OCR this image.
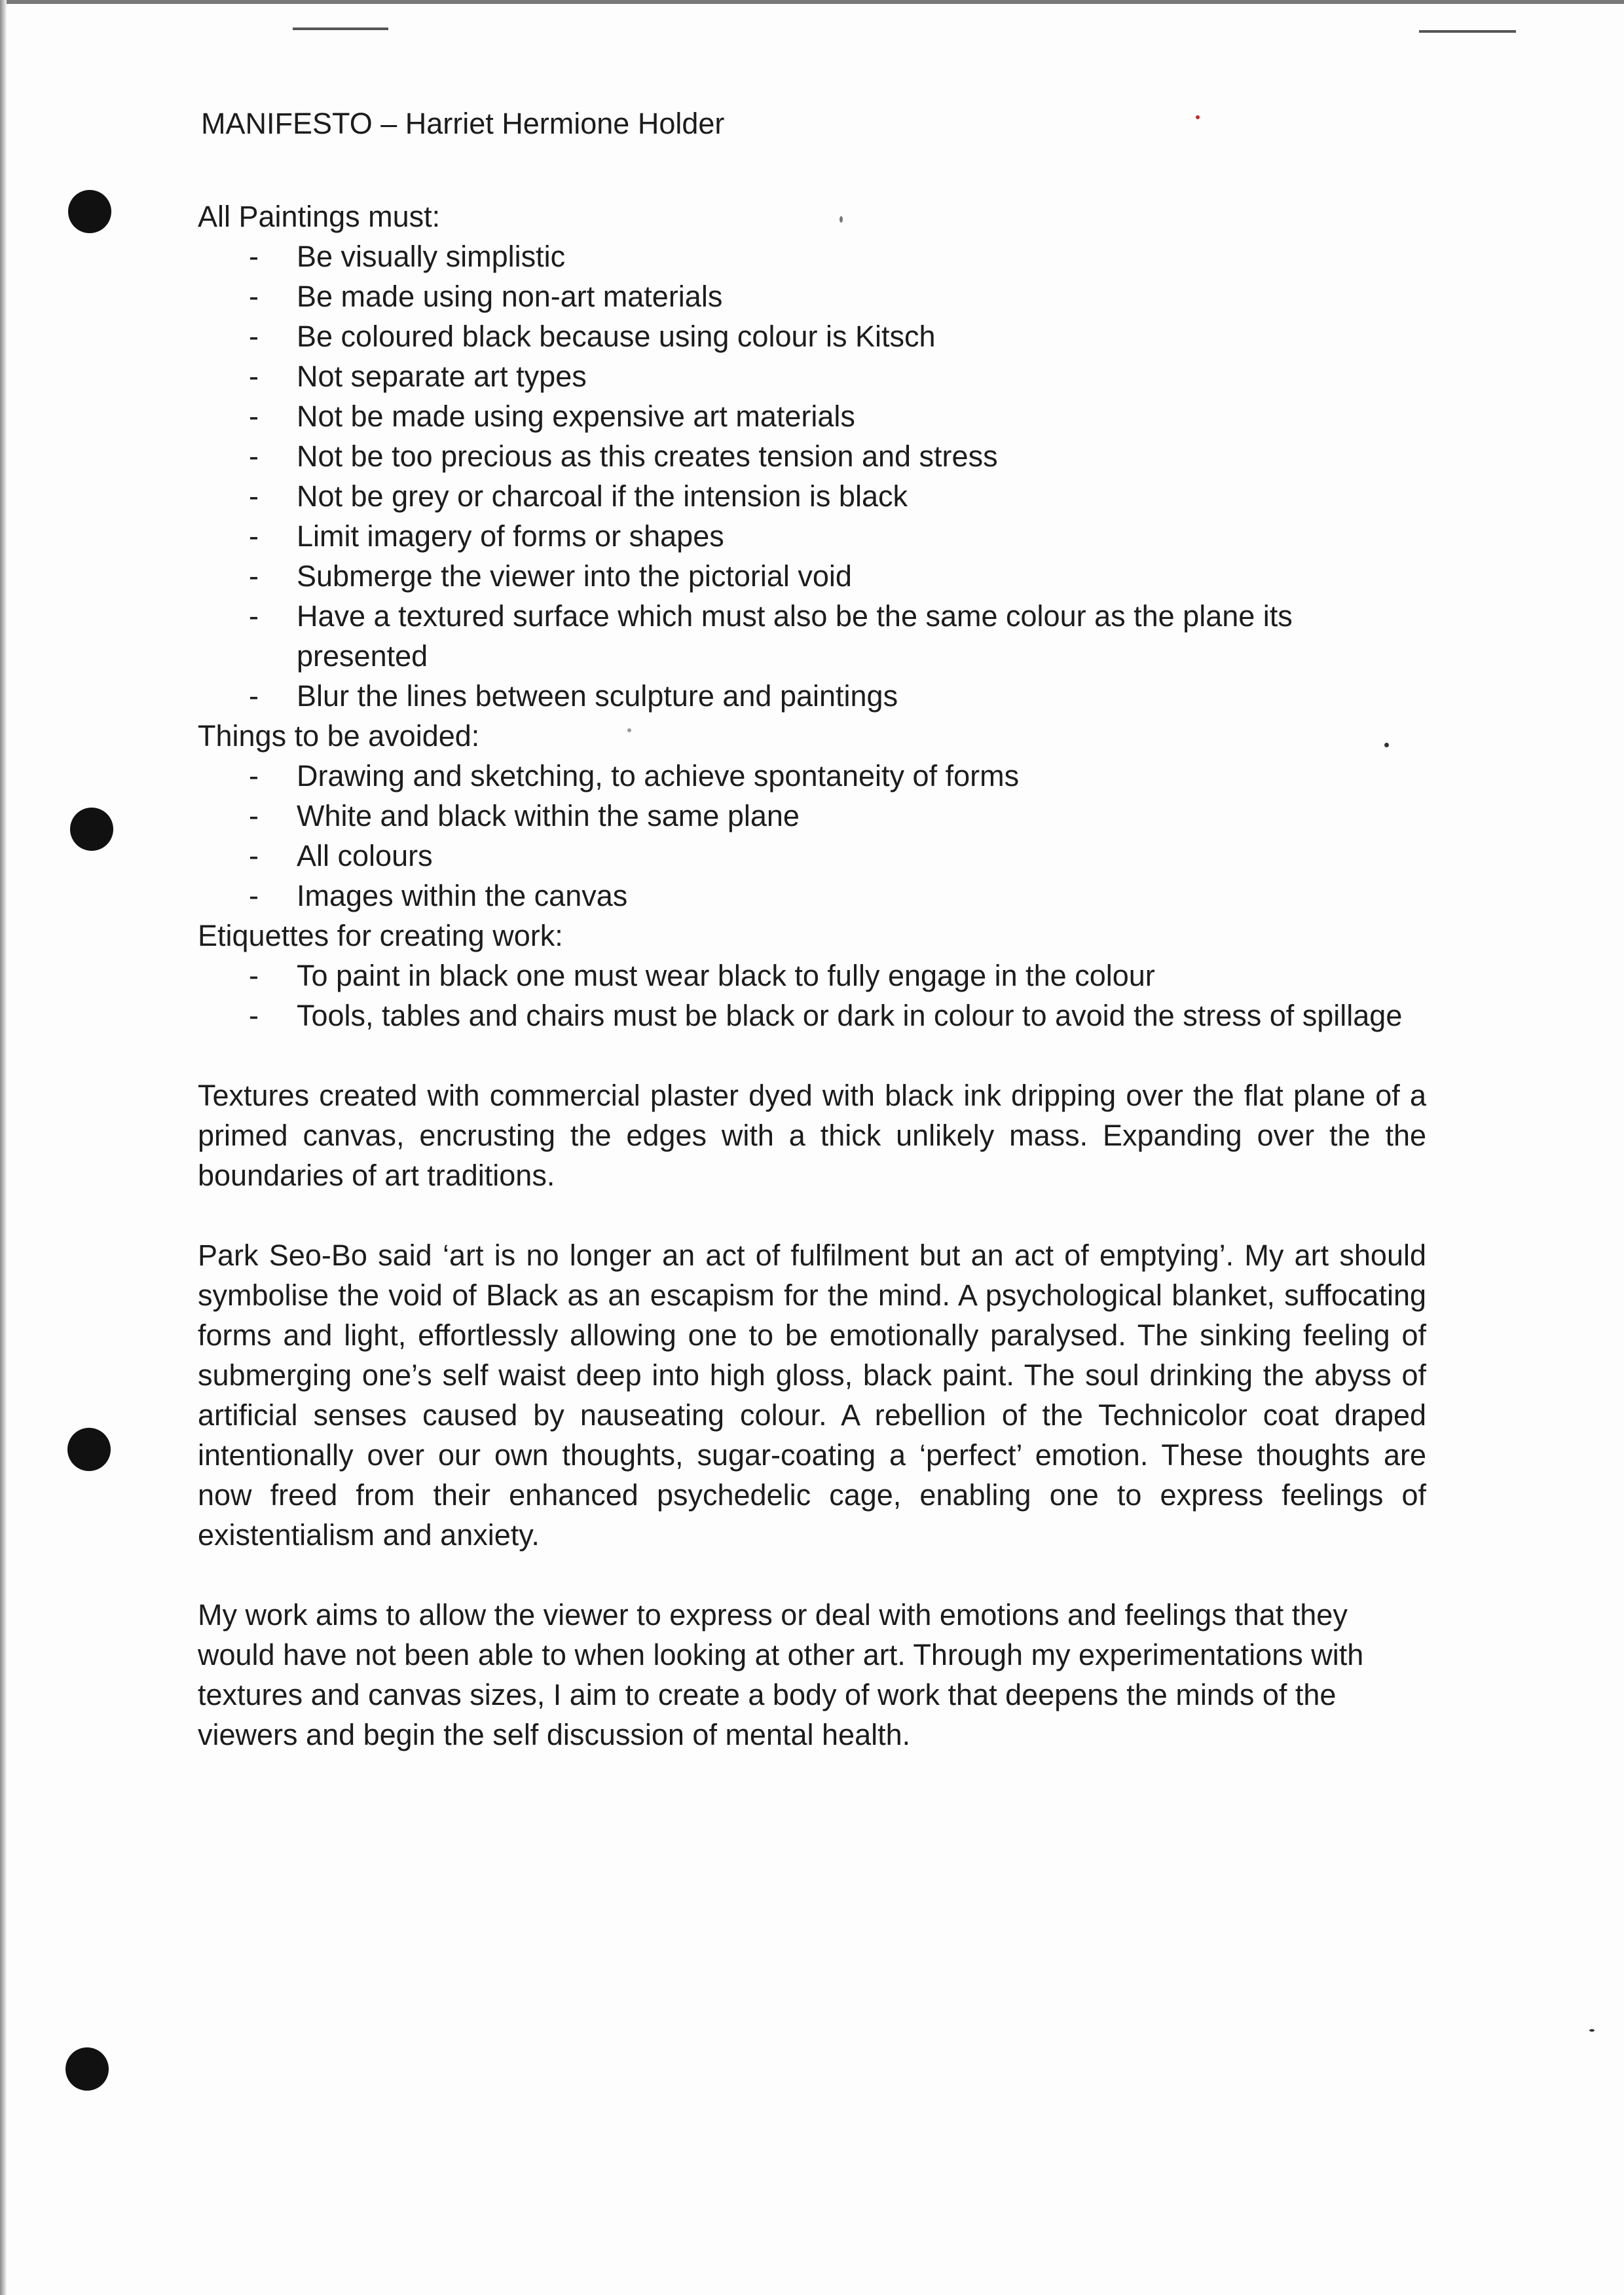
MANIFESTO – Harriet Hermione Holder
All Paintings must:
- Be visually simplistic
- Be made using non-art materials
- Be coloured black because using colour is Kitsch
- Not separate art types
- Not be made using expensive art materials
- Not be too precious as this creates tension and stress
- Not be grey or charcoal if the intension is black
- Limit imagery of forms or shapes
- Submerge the viewer into the pictorial void
- Have a textured surface which must also be the same colour as the plane its presented
- Blur the lines between sculpture and paintings
Things to be avoided:
- Drawing and sketching, to achieve spontaneity of forms
- White and black within the same plane
- All colours
- Images within the canvas
Etiquettes for creating work:
- To paint in black one must wear black to fully engage in the colour
- Tools, tables and chairs must be black or dark in colour to avoid the stress of spillage

Textures created with commercial plaster dyed with black ink dripping over the flat plane of a primed canvas, encrusting the edges with a thick unlikely mass. Expanding over the the boundaries of art traditions.

Park Seo-Bo said ‘art is no longer an act of fulfilment but an act of emptying’. My art should symbolise the void of Black as an escapism for the mind. A psychological blanket, suffocating forms and light, effortlessly allowing one to be emotionally paralysed. The sinking feeling of submerging one’s self waist deep into high gloss, black paint. The soul drinking the abyss of artificial senses caused by nauseating colour. A rebellion of the Technicolor coat draped intentionally over our own thoughts, sugar-coating a ‘perfect’ emotion. These thoughts are now freed from their enhanced psychedelic cage, enabling one to express feelings of existentialism and anxiety.

My work aims to allow the viewer to express or deal with emotions and feelings that they would have not been able to when looking at other art. Through my experimentations with textures and canvas sizes, I aim to create a body of work that deepens the minds of the viewers and begin the self discussion of mental health.
